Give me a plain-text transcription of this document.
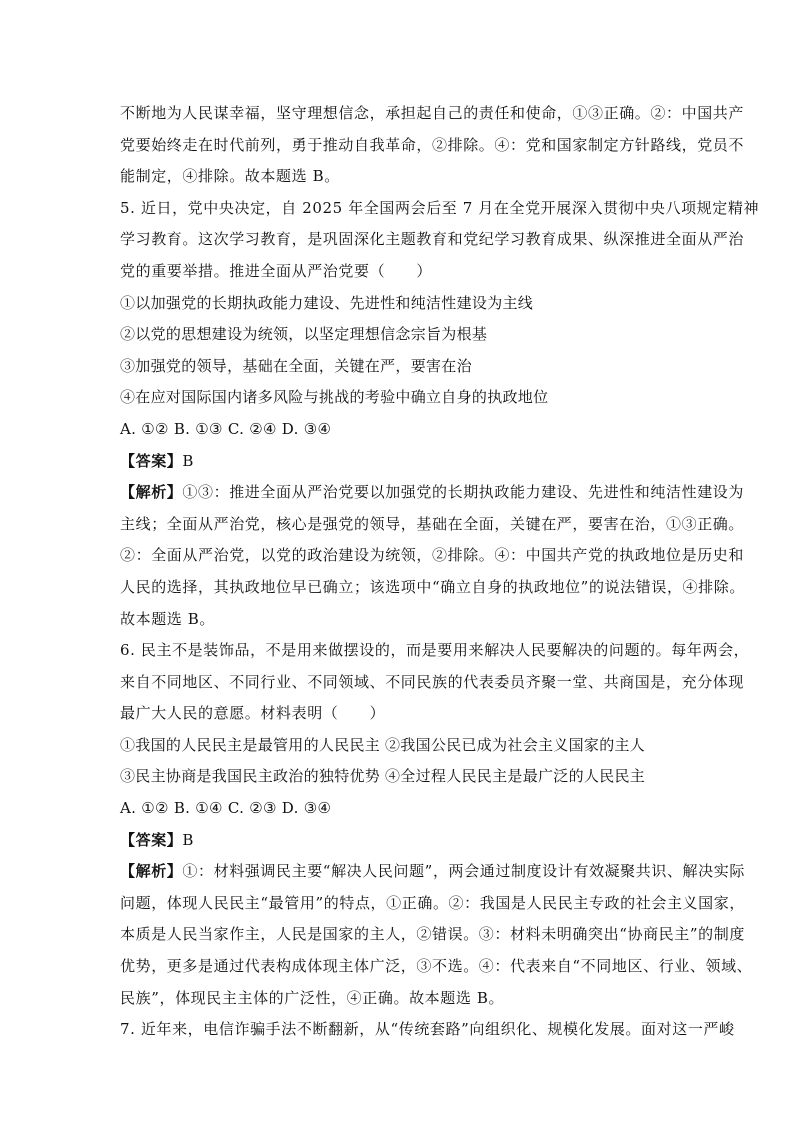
不断地为人民谋幸福，坚守理想信念，承担起自己的责任和使命，①③正确。②：中国共产
党要始终走在时代前列，勇于推动自我革命，②排除。④：党和国家制定方针路线，党员不
能制定，④排除。故本题选 B。
5. 近日，党中央决定，自 2025 年全国两会后至 7 月在全党开展深入贯彻中央八项规定精神
学习教育。这次学习教育，是巩固深化主题教育和党纪学习教育成果、纵深推进全面从严治
党的重要举措。推进全面从严治党要（　　）
①以加强党的长期执政能力建设、先进性和纯洁性建设为主线
②以党的思想建设为统领，以坚定理想信念宗旨为根基
③加强党的领导，基础在全面，关键在严，要害在治
④在应对国际国内诸多风险与挑战的考验中确立自身的执政地位
A. ①② B. ①③ C. ②④ D. ③④
【答案】B
【解析】①③：推进全面从严治党要以加强党的长期执政能力建设、先进性和纯洁性建设为
主线；全面从严治党，核心是强党的领导，基础在全面，关键在严，要害在治，①③正确。
②：全面从严治党，以党的政治建设为统领，②排除。④：中国共产党的执政地位是历史和
人民的选择，其执政地位早已确立；该选项中“确立自身的执政地位”的说法错误，④排除。
故本题选 B。
6. 民主不是装饰品，不是用来做摆设的，而是要用来解决人民要解决的问题的。每年两会，
来自不同地区、不同行业、不同领域、不同民族的代表委员齐聚一堂、共商国是，充分体现
最广大人民的意愿。材料表明（　　）
①我国的人民民主是最管用的人民民主 ②我国公民已成为社会主义国家的主人
③民主协商是我国民主政治的独特优势 ④全过程人民民主是最广泛的人民民主
A. ①② B. ①④ C. ②③ D. ③④
【答案】B
【解析】①：材料强调民主要“解决人民问题”，两会通过制度设计有效凝聚共识、解决实际
问题，体现人民民主“最管用”的特点，①正确。②：我国是人民民主专政的社会主义国家，
本质是人民当家作主，人民是国家的主人，②错误。③：材料未明确突出“协商民主”的制度
优势，更多是通过代表构成体现主体广泛，③不选。④：代表来自“不同地区、行业、领域、
民族”，体现民主主体的广泛性，④正确。故本题选 B。
7. 近年来，电信诈骗手法不断翻新，从“传统套路”向组织化、规模化发展。面对这一严峻
